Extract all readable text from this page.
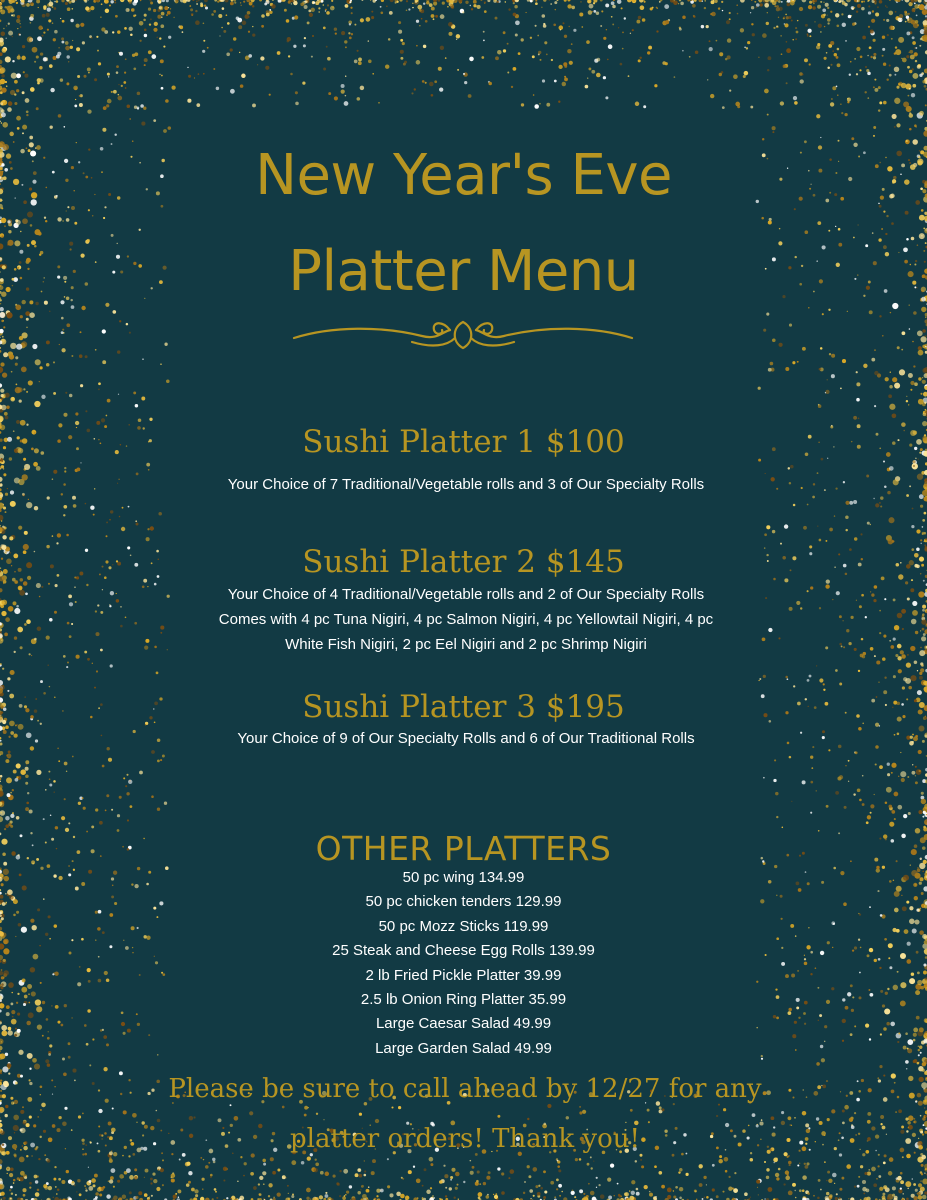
New Year's Eve
Platter Menu
Sushi Platter 1 $100
Your Choice of 7 Traditional/Vegetable rolls and 3 of Our Specialty Rolls
Sushi Platter 2 $145
Your Choice of 4 Traditional/Vegetable rolls and 2 of Our Specialty Rolls Comes with 4 pc Tuna Nigiri, 4 pc Salmon Nigiri, 4 pc Yellowtail Nigiri, 4 pc White Fish Nigiri, 2 pc Eel Nigiri and 2 pc Shrimp Nigiri
Sushi Platter 3 $195
Your Choice of 9 of Our Specialty Rolls and 6 of Our Traditional Rolls
OTHER PLATTERS
50 pc wing 134.99
50 pc chicken tenders 129.99
50 pc Mozz Sticks 119.99
25 Steak and Cheese Egg Rolls 139.99
2 lb Fried Pickle Platter 39.99
2.5 lb Onion Ring Platter 35.99
Large Caesar Salad 49.99
Large Garden Salad 49.99
Please be sure to call ahead by 12/27 for any platter orders! Thank you!
